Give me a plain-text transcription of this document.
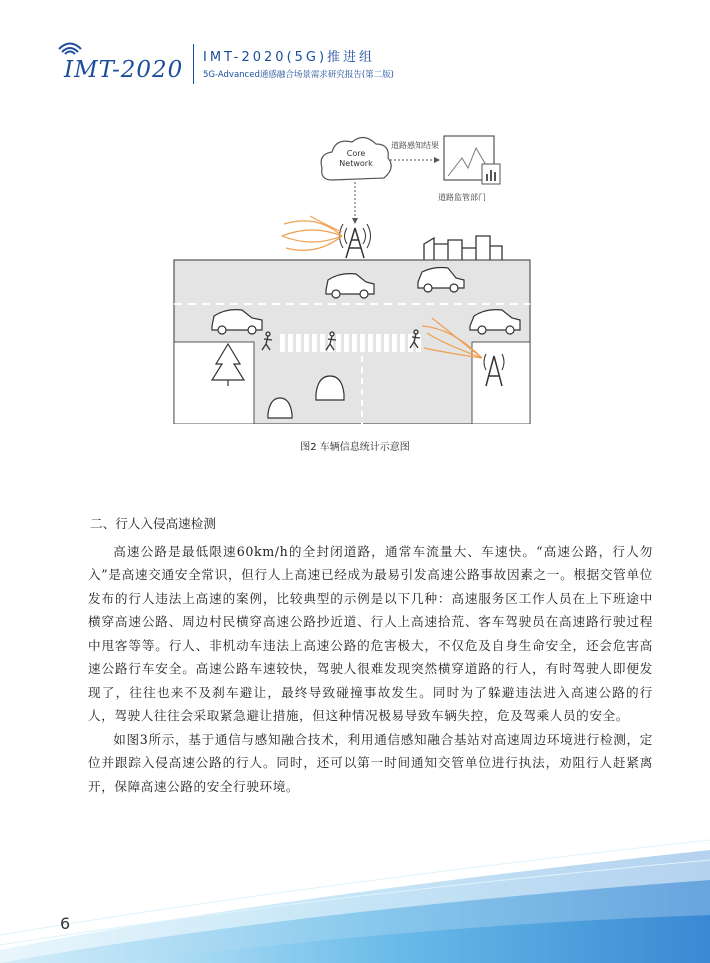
IMT-2020 IMT-2020(5G)推进组
5G-Advanced通感融合场景需求研究报告(第二版)
Core
Network
道路感知结果
道路监管部门
图2 车辆信息统计示意图

二、行人入侵高速检测

高速公路是最低限速60km/h的全封闭道路，通常车流量大、车速快。“高速公路，行人勿入”是高速交通安全常识，但行人上高速已经成为最易引发高速公路事故因素之一。根据交管单位发布的行人违法上高速的案例，比较典型的示例是以下几种：高速服务区工作人员在上下班途中横穿高速公路、周边村民横穿高速公路抄近道、行人上高速拾荒、客车驾驶员在高速路行驶过程中甩客等等。行人、非机动车违法上高速公路的危害极大，不仅危及自身生命安全，还会危害高速公路行车安全。高速公路车速较快，驾驶人很难发现突然横穿道路的行人，有时驾驶人即便发现了，往往也来不及刹车避让，最终导致碰撞事故发生。同时为了躲避违法进入高速公路的行人，驾驶人往往会采取紧急避让措施，但这种情况极易导致车辆失控，危及驾乘人员的安全。

如图3所示，基于通信与感知融合技术，利用通信感知融合基站对高速周边环境进行检测，定位并跟踪入侵高速公路的行人。同时，还可以第一时间通知交管单位进行执法，劝阻行人赶紧离开，保障高速公路的安全行驶环境。

6
